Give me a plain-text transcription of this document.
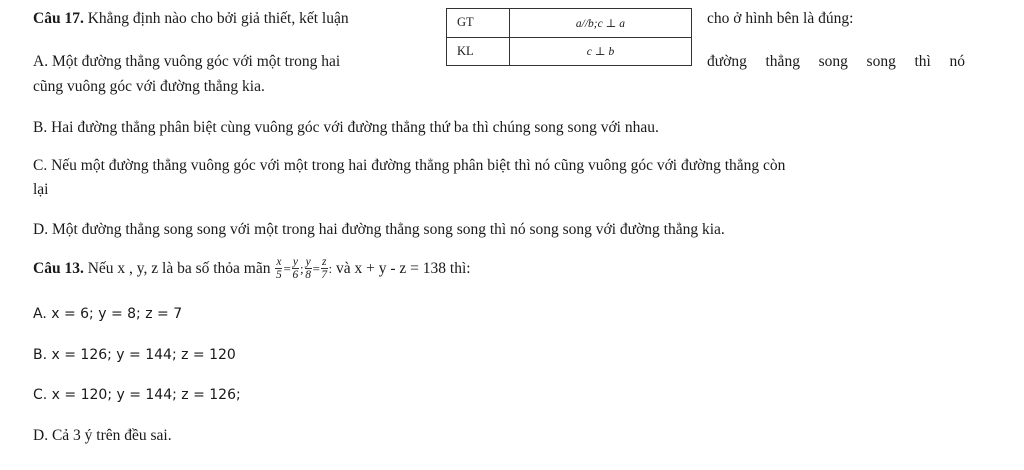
Câu 17. Khẳng định nào cho bởi giả thiết, kết luận	GT	a//b;c ⊥ a
KL	c ⊥ b
cho ở hình bên là đúng:
A. Một đường thẳng vuông góc với một trong hai	đường thẳng song song thì nó
cũng vuông góc với đường thẳng kia.
B. Hai đường thẳng phân biệt cùng vuông góc với đường thẳng thứ ba thì chúng song song với nhau.
C. Nếu một đường thẳng vuông góc với một trong hai đường thẳng phân biệt thì nó cũng vuông góc với đường thẳng còn
lại
D. Một đường thẳng song song với một trong hai đường thẳng song song thì nó song song với đường thẳng kia.
Câu 13.
Nếu x , y, z là ba số thỏa mãn
$\frac{x}{5} = \frac{y}{6}$ ; $\frac{y}{8} = \frac{z}{7}$ :
và x + y - z = 138 thì:
A. x = 6; y = 8; z = 7
B. x = 126; y = 144; z = 120
C. x = 120; y = 144; z = 126;
D. Cả 3 ý trên đều sai.
